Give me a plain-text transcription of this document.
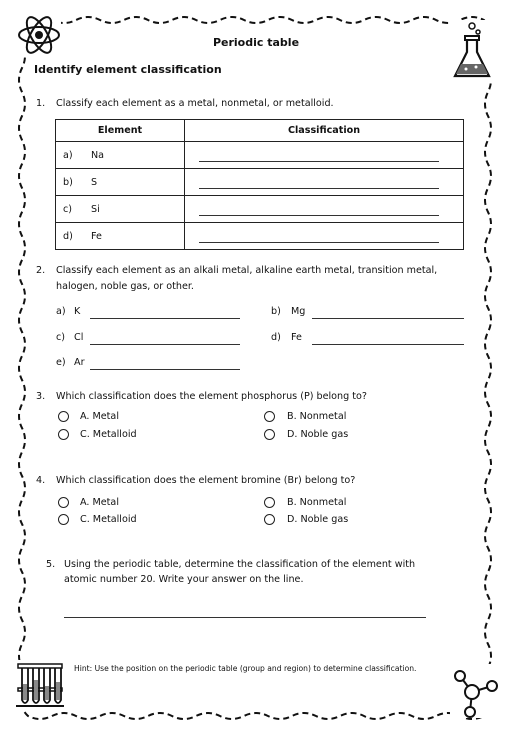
Periodic table
Identify element classification
1. Classify each element as a metal, nonmetal, or metalloid.
Element	Classification
a) Na	

b) S	

c) Si	

d) Fe	
2. Classify each element as an alkali metal, alkaline earth metal, transition metal,
halogen, noble gas, or other.
a) K	b) Mg
c) Cl	d) Fe
e) Ar
3. Which classification does the element phosphorus (P) belong to?
A. Metal	B. Nonmetal
C. Metalloid	D. Noble gas
4. Which classification does the element bromine (Br) belong to?
A. Metal	B. Nonmetal
C. Metalloid	D. Noble gas
5. Using the periodic table, determine the classification of the element with
atomic number 20. Write your answer on the line.
Hint: Use the position on the periodic table (group and region) to determine classification.
